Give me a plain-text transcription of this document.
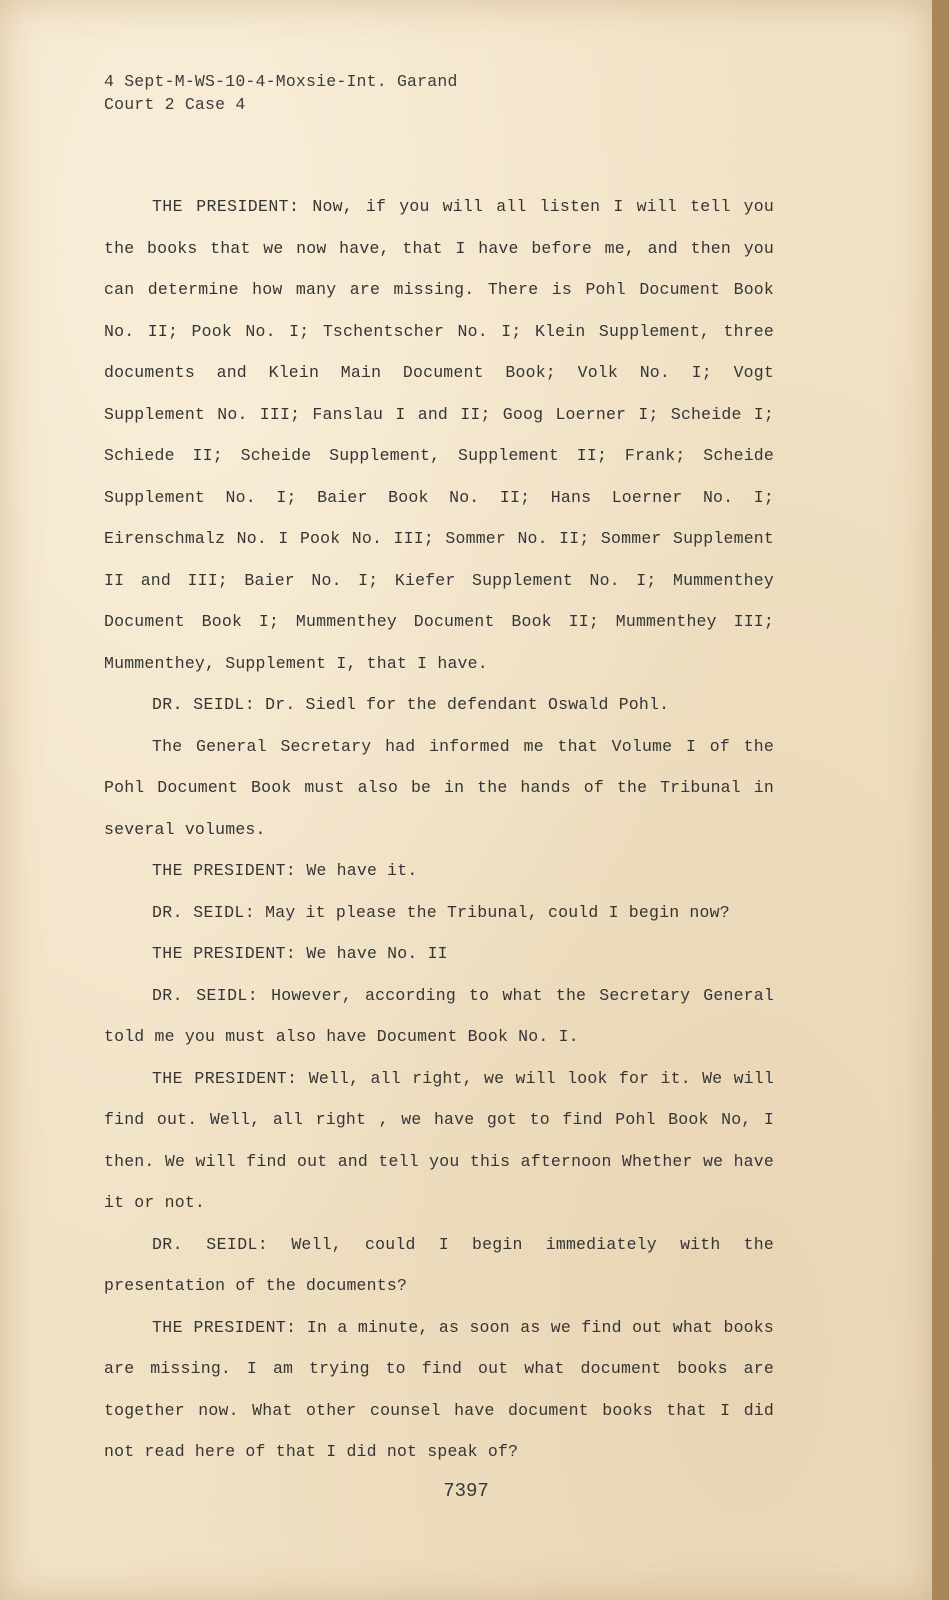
4 Sept-M-WS-10-4-Moxsie-Int. Garand
Court 2 Case 4

THE PRESIDENT: Now, if you will all listen I will tell you the books that we now have, that I have before me, and then you can determine how many are missing. There is Pohl Document Book No. II; Pook No. I; Tschentscher No. I; Klein Supplement, three documents and Klein Main Document Book; Volk No. I; Vogt Supplement No. III; Fanslau I and II; Goog Loerner I; Scheide I; Schiede II; Scheide Supplement, Supplement II; Frank; Scheide Supplement No. I; Baier Book No. II; Hans Loerner No. I; Eirenschmalz No. I Pook No. III; Sommer No. II; Sommer Supplement II and III; Baier No. I; Kiefer Supplement No. I; Mummenthey Document Book I; Mummenthey Document Book II; Mummenthey III; Mummenthey, Supplement I, that I have.

DR. SEIDL: Dr. Siedl for the defendant Oswald Pohl.

The General Secretary had informed me that Volume I of the Pohl Document Book must also be in the hands of the Tribunal in several volumes.

THE PRESIDENT: We have it.

DR. SEIDL: May it please the Tribunal, could I begin now?

THE PRESIDENT: We have No. II

DR. SEIDL: However, according to what the Secretary General told me you must also have Document Book No. I.

THE PRESIDENT: Well, all right, we will look for it. We will find out. Well, all right , we have got to find Pohl Book No, I then. We will find out and tell you this afternoon Whether we have it or not.

DR. SEIDL: Well, could I begin immediately with the presentation of the documents?

THE PRESIDENT: In a minute, as soon as we find out what books are missing. I am trying to find out what document books are together now. What other counsel have document books that I did not read here of that I did not speak of?

7397
